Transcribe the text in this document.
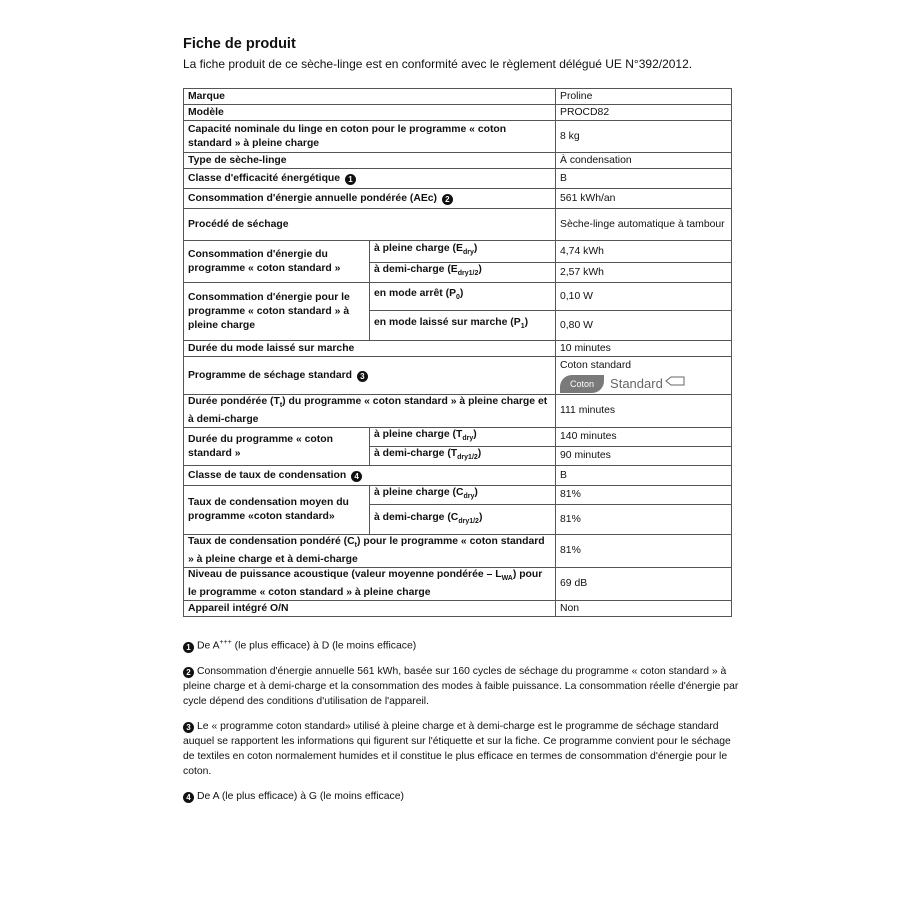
Fiche de produit

La fiche produit de ce sèche-linge est en conformité avec le règlement délégué UE N°392/2012.

Marque		Proline
Modèle		PROCD82
Capacité nominale du linge en coton pour le programme « coton standard » à pleine charge		8 kg
Type de sèche-linge		À condensation
Classe d'efficacité énergétique 1		B
Consommation d'énergie annuelle pondérée (AEc) 2		561 kWh/an
Procédé de séchage		Sèche-linge automatique à tambour
Consommation d'énergie du programme « coton standard »	à pleine charge $(E_{dry})$	4,74 kWh
	à demi-charge $(E_{dry1/2})$	2,57 kWh
Consommation d'énergie pour le programme « coton standard » à pleine charge	en mode arrêt $(P_0)$	0,10 W
	en mode laissé sur marche $(P_1)$	0,80 W
Durée du mode laissé sur marche		10 minutes
Programme de séchage standard 3		Coton standard
Coton Standard

Durée pondérée $(T_t)$ du programme « coton standard » à pleine charge et à demi-charge		111 minutes
Durée du programme « coton standard »	à pleine charge $(T_{dry})$	140 minutes
	à demi-charge $(T_{dry1/2})$	90 minutes
Classe de taux de condensation 4		B
Taux de condensation moyen du programme «coton standard»	à pleine charge $(C_{dry})$	81%
	à demi-charge $(C_{dry1/2})$	81%
Taux de condensation pondéré $(C_t)$ pour le programme « coton standard » à pleine charge et à demi-charge		81%
Niveau de puissance acoustique (valeur moyenne pondérée – $L_{WA}$) pour le programme « coton standard » à pleine charge		69 dB
Appareil intégré O/N		Non

1 De A+++ (le plus efficace) à D (le moins efficace)

2 Consommation d'énergie annuelle 561 kWh, basée sur 160 cycles de séchage du programme « coton standard » à pleine charge et à demi-charge et la consommation des modes à faible puissance. La consommation réelle d'énergie par cycle dépend des conditions d'utilisation de l'appareil.

3 Le « programme coton standard» utilisé à pleine charge et à demi-charge est le programme de séchage standard auquel se rapportent les informations qui figurent sur l'étiquette et sur la fiche. Ce programme convient pour le séchage de textiles en coton normalement humides et il constitue le plus efficace en termes de consommation d'énergie pour le coton.

4 De A (le plus efficace) à G (le moins efficace)
